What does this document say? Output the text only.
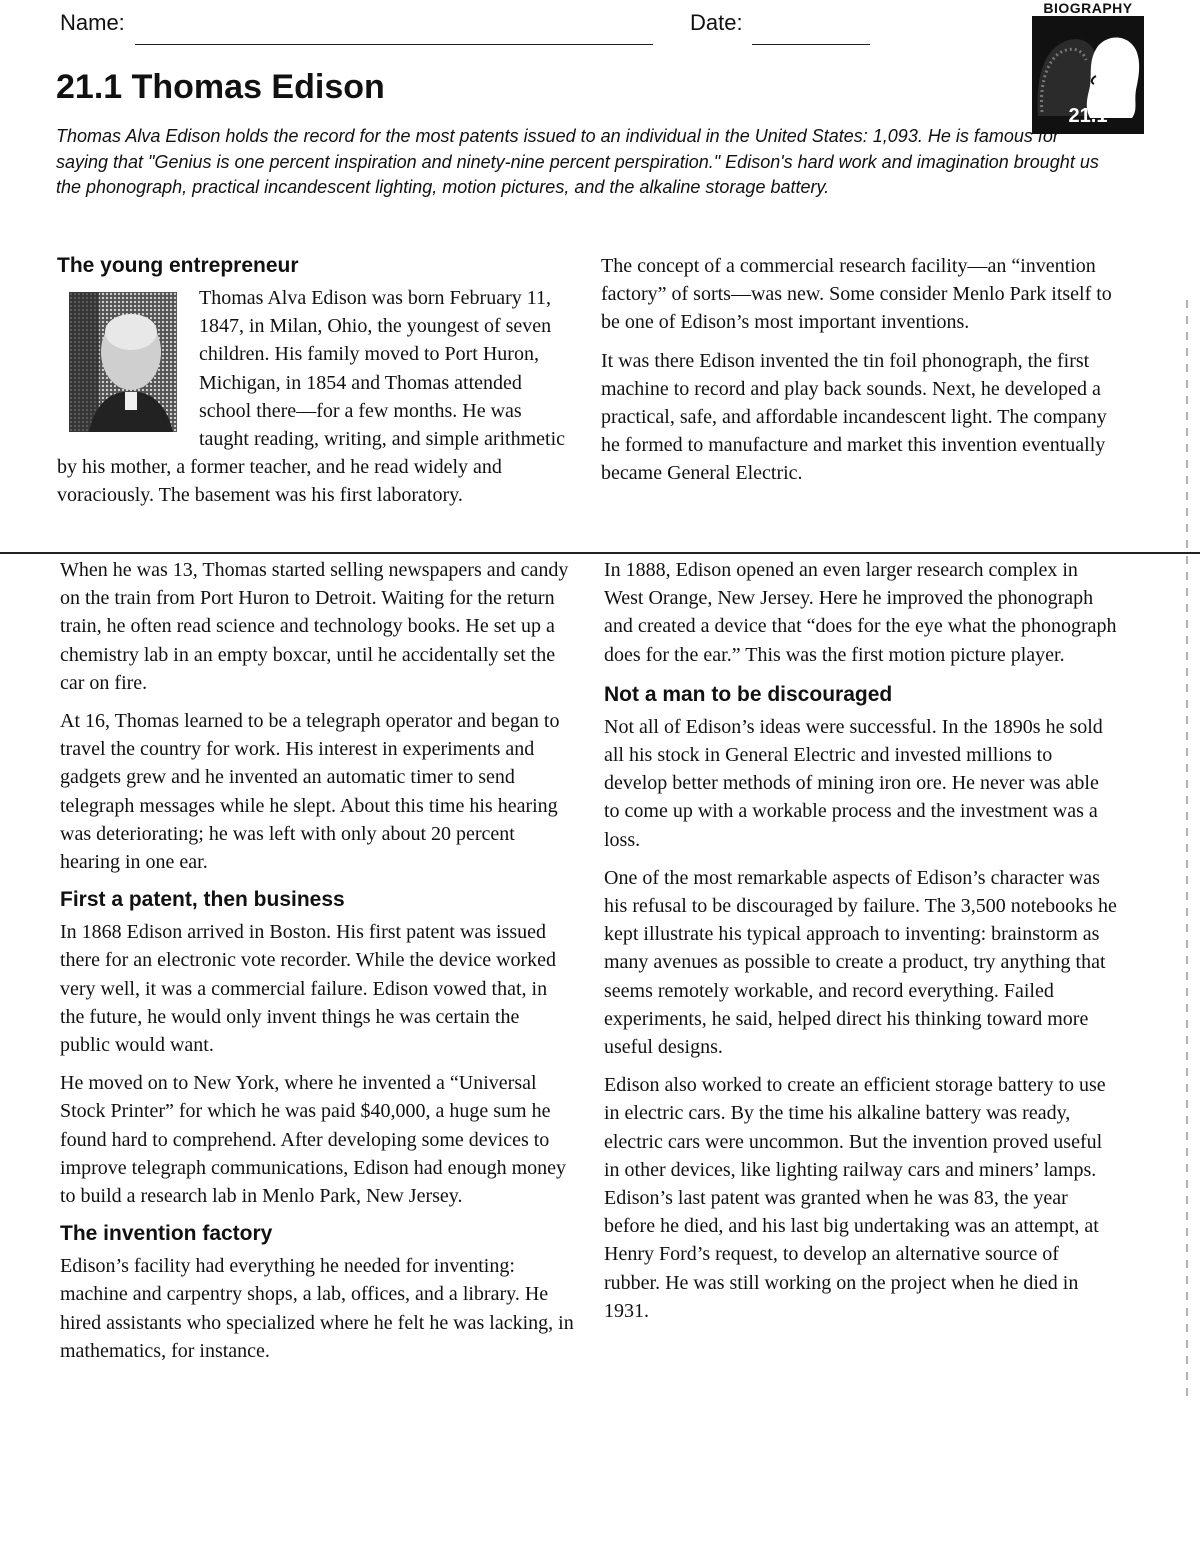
Name:	Date:
BIOGRAPHY
21.1
21.1 Thomas Edison

Thomas Alva Edison holds the record for the most patents issued to an individual in the United States: 1,093. He is famous for saying that "Genius is one percent inspiration and ninety-nine percent perspiration." Edison's hard work and imagination brought us the phonograph, practical incandescent lighting, motion pictures, and the alkaline storage battery.

The young entrepreneur

Thomas Alva Edison was born February 11, 1847, in Milan, Ohio, the youngest of seven children. His family moved to Port Huron, Michigan, in 1854 and Thomas attended school there—for a few months. He was taught reading, writing, and simple arithmetic by his mother, a former teacher, and he read widely and voraciously. The basement was his first laboratory.

The concept of a commercial research facility—an “invention factory” of sorts—was new. Some consider Menlo Park itself to be one of Edison’s most important inventions.

It was there Edison invented the tin foil phonograph, the first machine to record and play back sounds. Next, he developed a practical, safe, and affordable incandescent light. The company he formed to manufacture and market this invention eventually became General Electric.

When he was 13, Thomas started selling newspapers and candy on the train from Port Huron to Detroit. Waiting for the return train, he often read science and technology books. He set up a chemistry lab in an empty boxcar, until he accidentally set the car on fire.

At 16, Thomas learned to be a telegraph operator and began to travel the country for work. His interest in experiments and gadgets grew and he invented an automatic timer to send telegraph messages while he slept. About this time his hearing was deteriorating; he was left with only about 20 percent hearing in one ear.

First a patent, then business

In 1868 Edison arrived in Boston. His first patent was issued there for an electronic vote recorder. While the device worked very well, it was a commercial failure. Edison vowed that, in the future, he would only invent things he was certain the public would want.

He moved on to New York, where he invented a “Universal Stock Printer” for which he was paid $40,000, a huge sum he found hard to comprehend. After developing some devices to improve telegraph communications, Edison had enough money to build a research lab in Menlo Park, New Jersey.

The invention factory

Edison’s facility had everything he needed for inventing: machine and carpentry shops, a lab, offices, and a library. He hired assistants who specialized where he felt he was lacking, in mathematics, for instance.

In 1888, Edison opened an even larger research complex in West Orange, New Jersey. Here he improved the phonograph and created a device that “does for the eye what the phonograph does for the ear.” This was the first motion picture player.

Not a man to be discouraged

Not all of Edison’s ideas were successful. In the 1890s he sold all his stock in General Electric and invested millions to develop better methods of mining iron ore. He never was able to come up with a workable process and the investment was a loss.

One of the most remarkable aspects of Edison’s character was his refusal to be discouraged by failure. The 3,500 notebooks he kept illustrate his typical approach to inventing: brainstorm as many avenues as possible to create a product, try anything that seems remotely workable, and record everything. Failed experiments, he said, helped direct his thinking toward more useful designs.

Edison also worked to create an efficient storage battery to use in electric cars. By the time his alkaline battery was ready, electric cars were uncommon. But the invention proved useful in other devices, like lighting railway cars and miners’ lamps. Edison’s last patent was granted when he was 83, the year before he died, and his last big undertaking was an attempt, at Henry Ford’s request, to develop an alternative source of rubber. He was still working on the project when he died in 1931.
